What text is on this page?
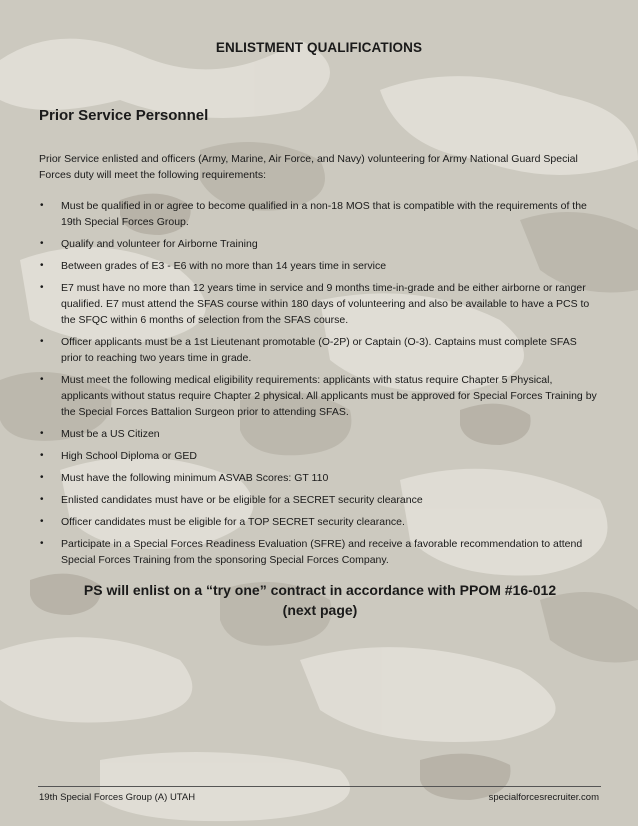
ENLISTMENT QUALIFICATIONS
Prior Service Personnel

Prior Service enlisted and officers (Army, Marine, Air Force, and Navy) volunteering for Army National Guard Special Forces duty will meet the following requirements:

• Must be qualified in or agree to become qualified in a non-18 MOS that is compatible with the requirements of the 19th Special Forces Group.
• Qualify and volunteer for Airborne Training
• Between grades of E3 - E6 with no more than 14 years time in service
• E7 must have no more than 12 years time in service and 9 months time-in-grade and be either airborne or ranger qualified. E7 must attend the SFAS course within 180 days of volunteering and also be available to have a PCS to the SFQC within 6 months of selection from the SFAS course.
• Officer applicants must be a 1st Lieutenant promotable (O-2P) or Captain (O-3). Captains must complete SFAS prior to reaching two years time in grade.
• Must meet the following medical eligibility requirements: applicants with status require Chapter 5 Physical, applicants without status require Chapter 2 physical. All applicants must be approved for Special Forces Training by the Special Forces Battalion Surgeon prior to attending SFAS.
• Must be a US Citizen
• High School Diploma or GED
• Must have the following minimum ASVAB Scores: GT 110
• Enlisted candidates must have or be eligible for a SECRET security clearance
• Officer candidates must be eligible for a TOP SECRET security clearance.
• Participate in a Special Forces Readiness Evaluation (SFRE) and receive a favorable recommendation to attend Special Forces Training from the sponsoring Special Forces Company.
PS will enlist on a “try one” contract in accordance with PPOM #16-012
(next page)
19th Special Forces Group (A) UTAH	specialforcesrecruiter.com
